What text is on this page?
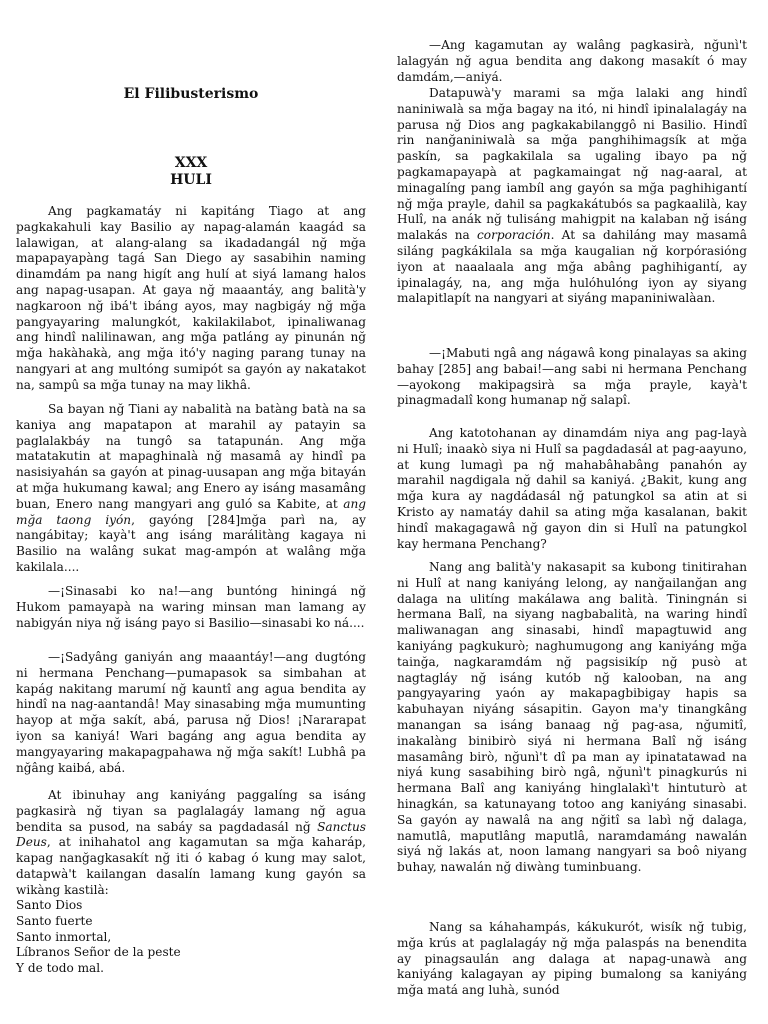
El Filibusterismo
XXX
HULI

Ang pagkamatáy ni kapitáng Tiago at ang pagkakahuli kay Basilio ay napag-alamán kaagád sa lalawigan, at alang-alang sa ikadadangál nğ mğa mapapayapàng tagá San Diego ay sasabihin naming dinamdám pa nang higít ang hulí at siyá lamang halos ang napag-usapan. At gaya nğ maaantáy, ang balità'y nagkaroon nğ ibá't ibáng ayos, may nagbigáy nğ mğa pangyayaring malungkót, kakilakilabot, ipinaliwanag ang hindî nalilinawan, ang mğa patláng ay pinunán nğ mğa hakàhakà, ang mğa itó'y naging parang tunay na nangyari at ang multóng sumipót sa gayón ay nakatakot na, sampû sa mğa tunay na may likhâ.

Sa bayan nğ Tiani ay nabalità na batàng batà na sa kaniya ang mapatapon at marahil ay patayin sa paglalakbáy na tungô sa tatapunán. Ang mğa matatakutin at mapaghinalà nğ masamâ ay hindî pa nasisiyahán sa gayón at pinag-uusapan ang mğa bitayán at mğa hukumang kawal; ang Enero ay isáng masamâng buan, Enero nang mangyari ang guló sa Kabite, at ang mğa taong iyón, gayóng [284]mğa parì na, ay nangábitay; kayà't ang isáng marálitàng kagaya ni Basilio na walâng sukat mag-ampón at walâng mğa kakilala....

—¡Sinasabi ko na!—ang buntóng hiningá nğ Hukom pamayapà na waring minsan man lamang ay nabigyán niya nğ isáng payo si Basilio—sinasabi ko ná....

—¡Sadyâng ganiyán ang maaantáy!—ang dugtóng ni hermana Penchang—pumapasok sa simbahan at kapág nakitang marumí nğ kauntî ang agua bendita ay hindî na nag-aantandâ! May sinasabing mğa mumunting hayop at mğa sakít, abá, parusa nğ Dios! ¡Nararapat iyon sa kaniyá! Wari bagáng ang agua bendita ay mangyayaring makapagpahawa nğ mğa sakít! Lubhâ pa nğâng kaibá, abá.

At ibinuhay ang kaniyáng paggalíng sa isáng pagkasirà nğ tiyan sa paglalagáy lamang nğ agua bendita sa pusod, na sabáy sa pagdadasál nğ Sanctus Deus, at inihahatol ang kagamutan sa mğa kaharáp, kapag nanğagkasakít nğ iti ó kabag ó kung may salot, datapwà't kailangan dasalín lamang kung gayón sa wikàng kastilà:

Santo Dios
Santo fuerte
Santo inmortal,
Líbranos Señor de la peste
Y de todo mal.

—Ang kagamutan ay walâng pagkasirà, nğunì't lalagyán nğ agua bendita ang dakong masakít ó may damdám,—aniyá.

Datapuwà'y marami sa mğa lalaki ang hindî naniniwalà sa mğa bagay na itó, ni hindî ipinalalagáy na parusa nğ Dios ang pagkakabilanggô ni Basilio. Hindî rin nanğaniniwalà sa mğa panghihimagsík at mğa paskín, sa pagkakilala sa ugaling ibayo pa nğ pagkamapayapà at pagkamaingat nğ nag-aaral, at minagalíng pang iambíl ang gayón sa mğa paghihigantí nğ mğa prayle, dahil sa pagkakátubós sa pagkaalilà, kay Hulî, na anák nğ tulisáng mahigpit na kalaban nğ isáng malakás na corporación. At sa dahiláng may masamâ siláng pagkákilala sa mğa kaugalian nğ korpórasióng iyon at naaalaala ang mğa abâng paghihigantí, ay ipinalagáy, na, ang mğa hulóhulóng iyon ay siyang malapitlapít na nangyari at siyáng mapaniniwalàan.

—¡Mabuti ngâ ang nágawâ kong pinalayas sa aking bahay [285] ang babai!—ang sabi ni hermana Penchang—ayokong makipagsirà sa mğa prayle, kayà't pinagmadalî kong humanap nğ salapî.

Ang katotohanan ay dinamdám niya ang pag-layà ni Hulî; inaakò siya ni Hulî sa pagdadasál at pag-aayuno, at kung lumagì pa nğ mahabâhabâng panahón ay marahil nagdigala nğ dahil sa kaniyá. ¿Bakit, kung ang mğa kura ay nagdádasál nğ patungkol sa atin at si Kristo ay namatáy dahil sa ating mğa kasalanan, bakit hindî makagagawâ nğ gayon din si Hulî na patungkol kay hermana Penchang?

Nang ang balità'y nakasapit sa kubong tinitirahan ni Hulî at nang kaniyáng lelong, ay nanğailanğan ang dalaga na ulitíng makálawa ang balità. Tiningnán si hermana Balî, na siyang nagbabalità, na waring hindî maliwanagan ang sinasabi, hindî mapagtuwid ang kaniyáng pagkukurò; naghumugong ang kaniyáng mğa tainğa, nagkaramdám nğ pagsisikíp nğ pusò at nagtagláy nğ isáng kutób nğ kalooban, na ang pangyayaring yaón ay makapagbibigay hapis sa kabuhayan niyáng sásapitin. Gayon ma'y tinangkâng manangan sa isáng banaag nğ pag-asa, nğumitî, inakalàng binibirò siyá ni hermana Balî nğ isáng masamâng birò, nğunì't dî pa man ay ipinatatawad na niyá kung sasabihing birò ngâ, nğunì't pinagkurús ni hermana Balî ang kaniyáng hinglalakì't hintuturò at hinagkán, sa katunayang totoo ang kaniyáng sinasabi. Sa gayón ay nawalâ na ang nğitî sa labì nğ dalaga, namutlâ, maputlâng maputlâ, naramdamáng nawalán siyá nğ lakás at, noon lamang nangyari sa boô niyang buhay, nawalán nğ diwàng tuminbuang.

Nang sa káhahampás, kákukurót, wisík nğ tubig, mğa krús at paglalagáy nğ mğa palaspás na benendita ay pinagsaulán ang dalaga at napag-unawà ang kaniyáng kalagayan ay piping bumalong sa kaniyáng mğa matá ang luhà, sunód
